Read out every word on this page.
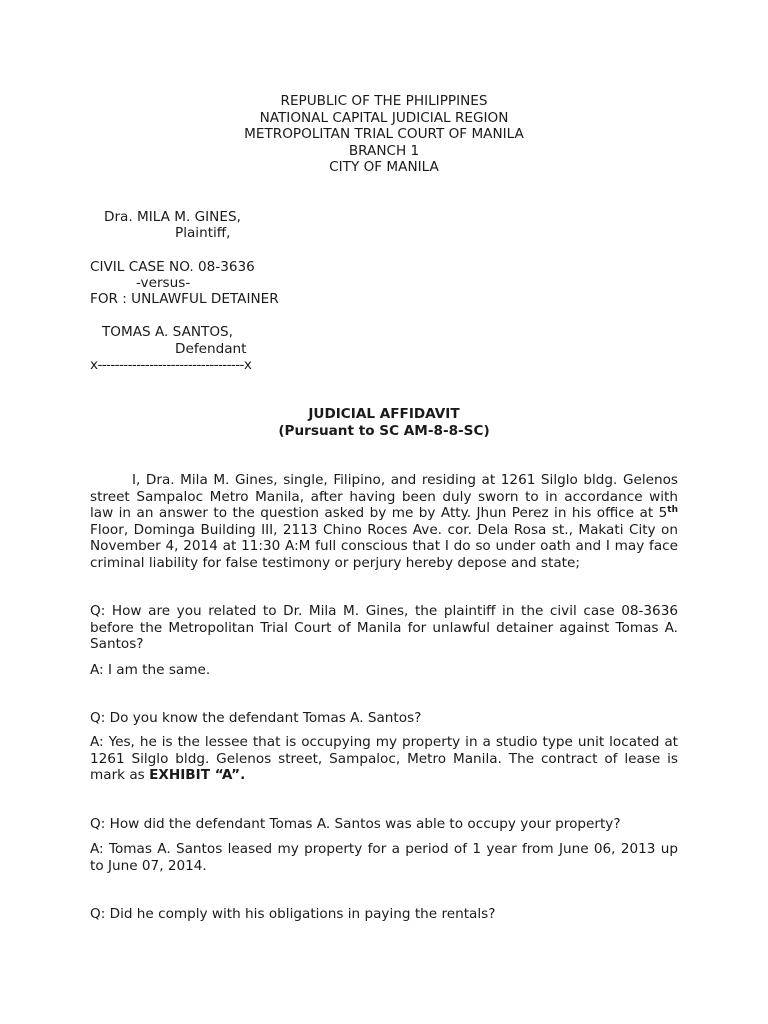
REPUBLIC OF THE PHILIPPINES
NATIONAL CAPITAL JUDICIAL REGION
METROPOLITAN TRIAL COURT OF MANILA
BRANCH 1
CITY OF MANILA
Dra. MILA M. GINES,
Plaintiff,
CIVIL CASE NO. 08-3636
-versus-
FOR : UNLAWFUL DETAINER
TOMAS A. SANTOS,
Defendant
x----------------------------------x
JUDICIAL AFFIDAVIT
(Pursuant to SC AM-8-8-SC)
I, Dra. Mila M. Gines, single, Filipino, and residing at 1261 Silglo bldg. Gelenos street Sampaloc Metro Manila, after having been duly sworn to in accordance with law in an answer to the question asked by me by Atty. Jhun Perez in his office at 5th Floor, Dominga Building III, 2113 Chino Roces Ave. cor. Dela Rosa st., Makati City on November 4, 2014 at 11:30 A:M full conscious that I do so under oath and I may face criminal liability for false testimony or perjury hereby depose and state;
Q: How are you related to Dr. Mila M. Gines, the plaintiff in the civil case 08-3636 before the Metropolitan Trial Court of Manila for unlawful detainer against Tomas A. Santos?
A: I am the same.
Q: Do you know the defendant Tomas A. Santos?
A: Yes, he is the lessee that is occupying my property in a studio type unit located at 1261 Silglo bldg. Gelenos street, Sampaloc, Metro Manila. The contract of lease is mark as EXHIBIT “A”.
Q: How did the defendant Tomas A. Santos was able to occupy your property?
A: Tomas A. Santos leased my property for a period of 1 year from June 06, 2013 up to June 07, 2014.
Q: Did he comply with his obligations in paying the rentals?
